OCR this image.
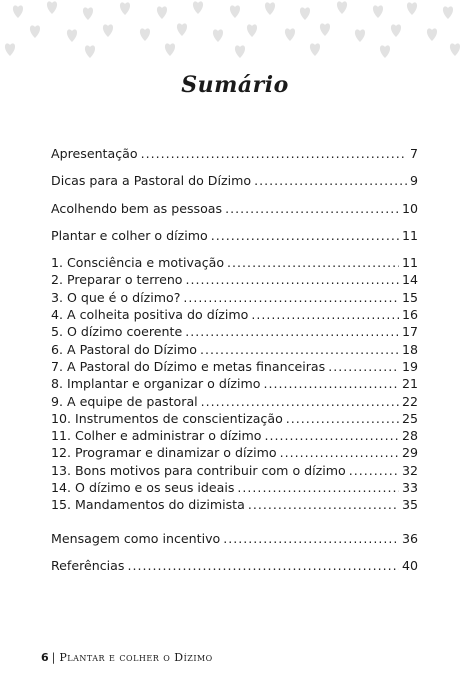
Sumário
Apresentação .....	7
Dicas para a Pastoral do Dízimo .....	9
Acolhendo bem as pessoas .....	10
Plantar e colher o dízimo .....	11
1. Consciência e motivação .....	11
2. Preparar o terreno .....	14
3. O que é o dízimo? .....	15
4. A colheita positiva do dízimo .....	16
5. O dízimo coerente .....	17
6. A Pastoral do Dízimo .....	18
7. A Pastoral do Dízimo e metas financeiras .....	19
8. Implantar e organizar o dízimo .....	21
9. A equipe de pastoral .....	22
10. Instrumentos de conscientização .....	25
11. Colher e administrar o dízimo .....	28
12. Programar e dinamizar o dízimo .....	29
13. Bons motivos para contribuir com o dízimo .....	32
14. O dízimo e os seus ideais .....	33
15. Mandamentos do dizimista .....	35
Mensagem como incentivo .....	36
Referências .....	40
6 | Plantar e colher o Dízimo
